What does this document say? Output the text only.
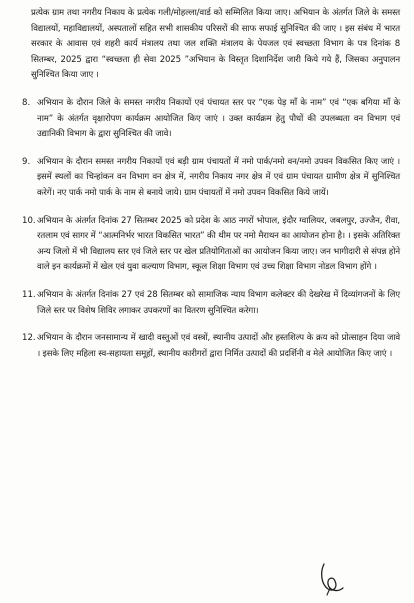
प्रत्येक ग्राम तथा नगरीय निकाय के प्रत्येक गली/मोहल्ला/वार्ड को सम्मिलित किया जाए। अभियान के अंतर्गत जिले के समस्त विद्यालयों, महाविद्यालयों, अस्पतालों सहित सभी शासकीय परिसरों की साफ सफाई सुनिश्चित की जाए । इस संबंध में भारत सरकार के आवास एवं शहरी कार्य मंत्रालय तथा जल शक्ति मंत्रालय के पेयजल एवं स्वच्छता विभाग के पत्र दिनांक 8 सितम्बर, 2025 द्वारा “स्वच्छता ही सेवा 2025 ”अभियान के विस्तृत दिशानिर्देश जारी किये गये हैं, जिसका अनुपालन सुनिश्चित किया जाए ।

8. अभियान के दौरान जिले के समस्त नगरीय निकायों एवं पंचायत स्तर पर “एक पेड़ माँ के नाम” एवं “एक बगिया माँ के नाम” के अंतर्गत वृक्षारोपण कार्यक्रम आयोजित किए जाएं । उक्त कार्यक्रम हेतु पौधों की उपलब्धता वन विभाग एवं उद्यानिकी विभाग के द्वारा सुनिश्चित की जावे।

9. अभियान के दौरान समस्त नगरीय निकायों एवं बड़ी ग्राम पंचायतों में नमो पार्क/नमो वन/नमो उपवन विकसित किए जाएं । इसमें स्थलों का चिन्हांकन वन विभाग वन क्षेत्र में, नगरीय निकाय नगर क्षेत्र में एवं ग्राम पंचायत ग्रामीण क्षेत्र में सुनिश्चित करेगें। नए पार्क नमो पार्क के नाम से बनाये जाये। ग्राम पंचायतों में नमो उपवन विकसित किये जायें।

10. अभियान के अंतर्गत दिनांक 27 सितम्बर 2025 को प्रदेश के आठ नगरों भोपाल, इंदौर ग्वालियर, जबलपुर, उज्जैन, रीवा, रतलाम एवं सागर में “आत्मनिर्भर भारत विकसित भारत” की थीम पर नमो मैराथन का आयोजन होना है। । इसके अतिरिक्त अन्य जिलो में भी विद्यालय स्तर एवं जिले स्तर पर खेल प्रतियोगिताओं का आयोजन किया जाए। जन भागीदारी से संपन्न होने वाले इन कार्यक्रमों में खेल एवं युवा कल्याण विभाग, स्कूल शिक्षा विभाग एवं उच्च शिक्षा विभाग नोडल विभाग होंगे ।

11. अभियान के अंतर्गत दिनांक 27 एवं 28 सितम्बर को सामाजिक न्याय विभाग कलेक्टर की देखरेख में दिव्यांगजनों के लिए जिले स्तर पर विशेष शिविर लगाकर उपकरणों का वितरण सुनिश्चित करेगा।

12. अभियान के दौरान जनसामान्य में खादी वस्तुओं एवं वस्त्रों, स्थानीय उत्पादों और हस्तशिल्प के क्रय को प्रोत्साहन दिया जावे । इसके लिए महिला स्व-सहायता समूहों, स्थानीय कारीगरों द्वारा निर्मित उत्पादों की प्रदर्शिनी व मेले आयोजित किए जाएं ।
